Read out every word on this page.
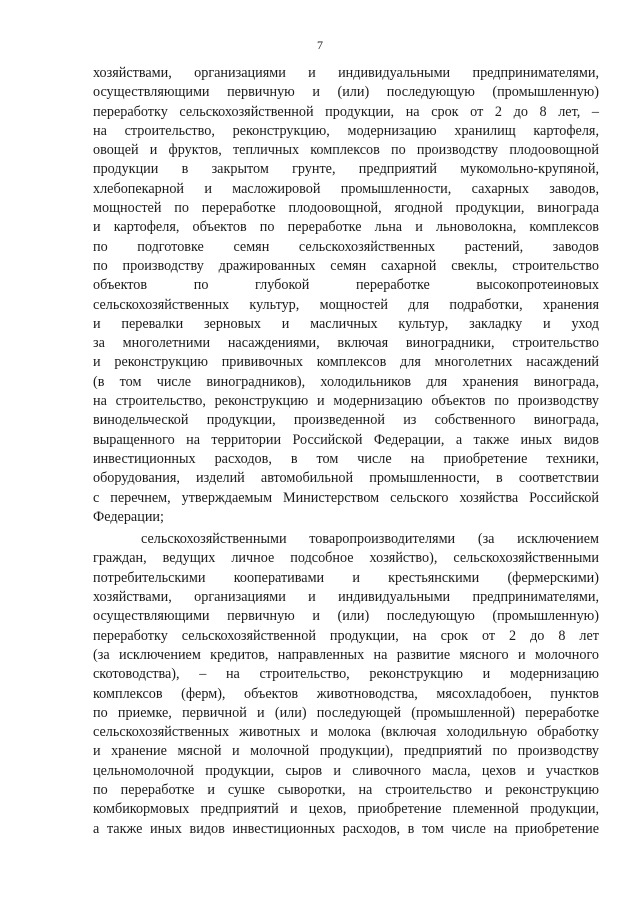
7
хозяйствами, организациями и индивидуальными предпринимателями,
осуществляющими первичную и (или) последующую (промышленную)
переработку сельскохозяйственной продукции, на срок от 2 до 8 лет, –
на строительство, реконструкцию, модернизацию хранилищ картофеля,
овощей и фруктов, тепличных комплексов по производству плодоовощной
продукции в закрытом грунте, предприятий мукомольно-крупяной,
хлебопекарной и масложировой промышленности, сахарных заводов,
мощностей по переработке плодоовощной, ягодной продукции, винограда
и картофеля, объектов по переработке льна и льноволокна, комплексов
по подготовке семян сельскохозяйственных растений, заводов
по производству дражированных семян сахарной свеклы, строительство
объектов по глубокой переработке высокопротеиновых
сельскохозяйственных культур, мощностей для подработки, хранения
и перевалки зерновых и масличных культур, закладку и уход
за многолетними насаждениями, включая виноградники, строительство
и реконструкцию прививочных комплексов для многолетних насаждений
(в том числе виноградников), холодильников для хранения винограда,
на строительство, реконструкцию и модернизацию объектов по производству
винодельческой продукции, произведенной из собственного винограда,
выращенного на территории Российской Федерации, а также иных видов
инвестиционных расходов, в том числе на приобретение техники,
оборудования, изделий автомобильной промышленности, в соответствии
с перечнем, утверждаемым Министерством сельского хозяйства Российской
Федерации;
сельскохозяйственными товаропроизводителями (за исключением
граждан, ведущих личное подсобное хозяйство), сельскохозяйственными
потребительскими кооперативами и крестьянскими (фермерскими)
хозяйствами, организациями и индивидуальными предпринимателями,
осуществляющими первичную и (или) последующую (промышленную)
переработку сельскохозяйственной продукции, на срок от 2 до 8 лет
(за исключением кредитов, направленных на развитие мясного и молочного
скотоводства), – на строительство, реконструкцию и модернизацию
комплексов (ферм), объектов животноводства, мясохладобоен, пунктов
по приемке, первичной и (или) последующей (промышленной) переработке
сельскохозяйственных животных и молока (включая холодильную обработку
и хранение мясной и молочной продукции), предприятий по производству
цельномолочной продукции, сыров и сливочного масла, цехов и участков
по переработке и сушке сыворотки, на строительство и реконструкцию
комбикормовых предприятий и цехов, приобретение племенной продукции,
а также иных видов инвестиционных расходов, в том числе на приобретение
